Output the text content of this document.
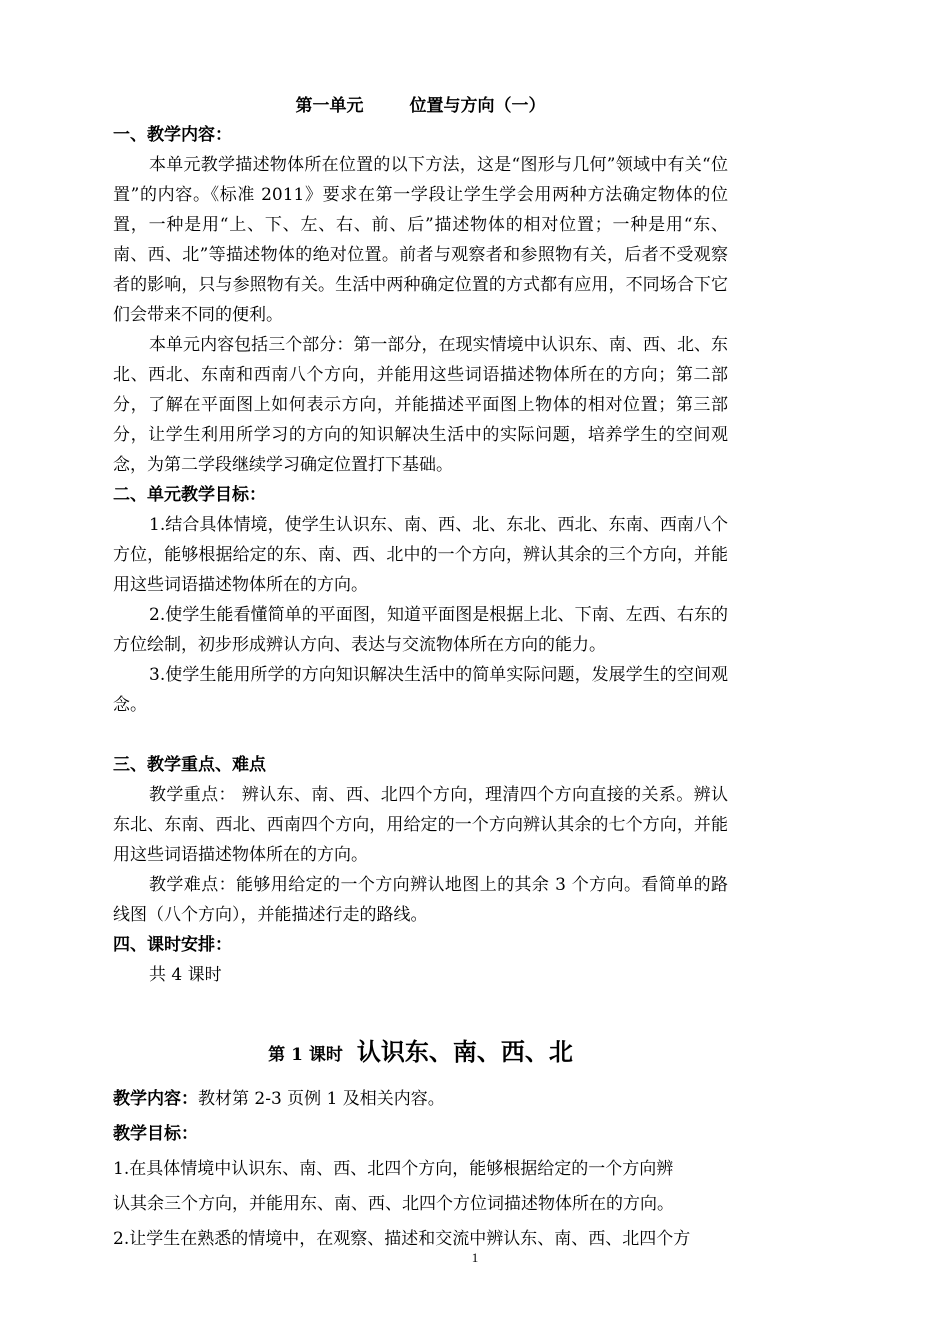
第一单元	位置与方向（一）
一、教学内容：

本单元教学描述物体所在位置的以下方法，这是“图形与几何”领域中有关“位置”的内容。《标准 2011》要求在第一学段让学生学会用两种方法确定物体的位置，一种是用“上、下、左、右、前、后”描述物体的相对位置；一种是用“东、南、西、北”等描述物体的绝对位置。前者与观察者和参照物有关，后者不受观察者的影响，只与参照物有关。生活中两种确定位置的方式都有应用，不同场合下它们会带来不同的便利。

本单元内容包括三个部分：第一部分，在现实情境中认识东、南、西、北、东北、西北、东南和西南八个方向，并能用这些词语描述物体所在的方向；第二部分，了解在平面图上如何表示方向，并能描述平面图上物体的相对位置；第三部分，让学生利用所学习的方向的知识解决生活中的实际问题，培养学生的空间观念，为第二学段继续学习确定位置打下基础。

二、单元教学目标：

1.结合具体情境，使学生认识东、南、西、北、东北、西北、东南、西南八个方位，能够根据给定的东、南、西、北中的一个方向，辨认其余的三个方向，并能用这些词语描述物体所在的方向。

2.使学生能看懂简单的平面图，知道平面图是根据上北、下南、左西、右东的方位绘制，初步形成辨认方向、表达与交流物体所在方向的能力。

3.使学生能用所学的方向知识解决生活中的简单实际问题，发展学生的空间观念。

三、教学重点、难点

教学重点： 辨认东、南、西、北四个方向，理清四个方向直接的关系。辨认东北、东南、西北、西南四个方向，用给定的一个方向辨认其余的七个方向，并能用这些词语描述物体所在的方向。

教学难点：能够用给定的一个方向辨认地图上的其余 3 个方向。看简单的路线图（八个方向），并能描述行走的路线。

四、课时安排：

共 4 课时

第 1 课时 认识东、南、西、北
教学内容：教材第 2-3 页例 1 及相关内容。
教学目标：
1.在具体情境中认识东、南、西、北四个方向，能够根据给定的一个方向辨
认其余三个方向，并能用东、南、西、北四个方位词描述物体所在的方向。
2.让学生在熟悉的情境中，在观察、描述和交流中辨认东、南、西、北四个方
1
